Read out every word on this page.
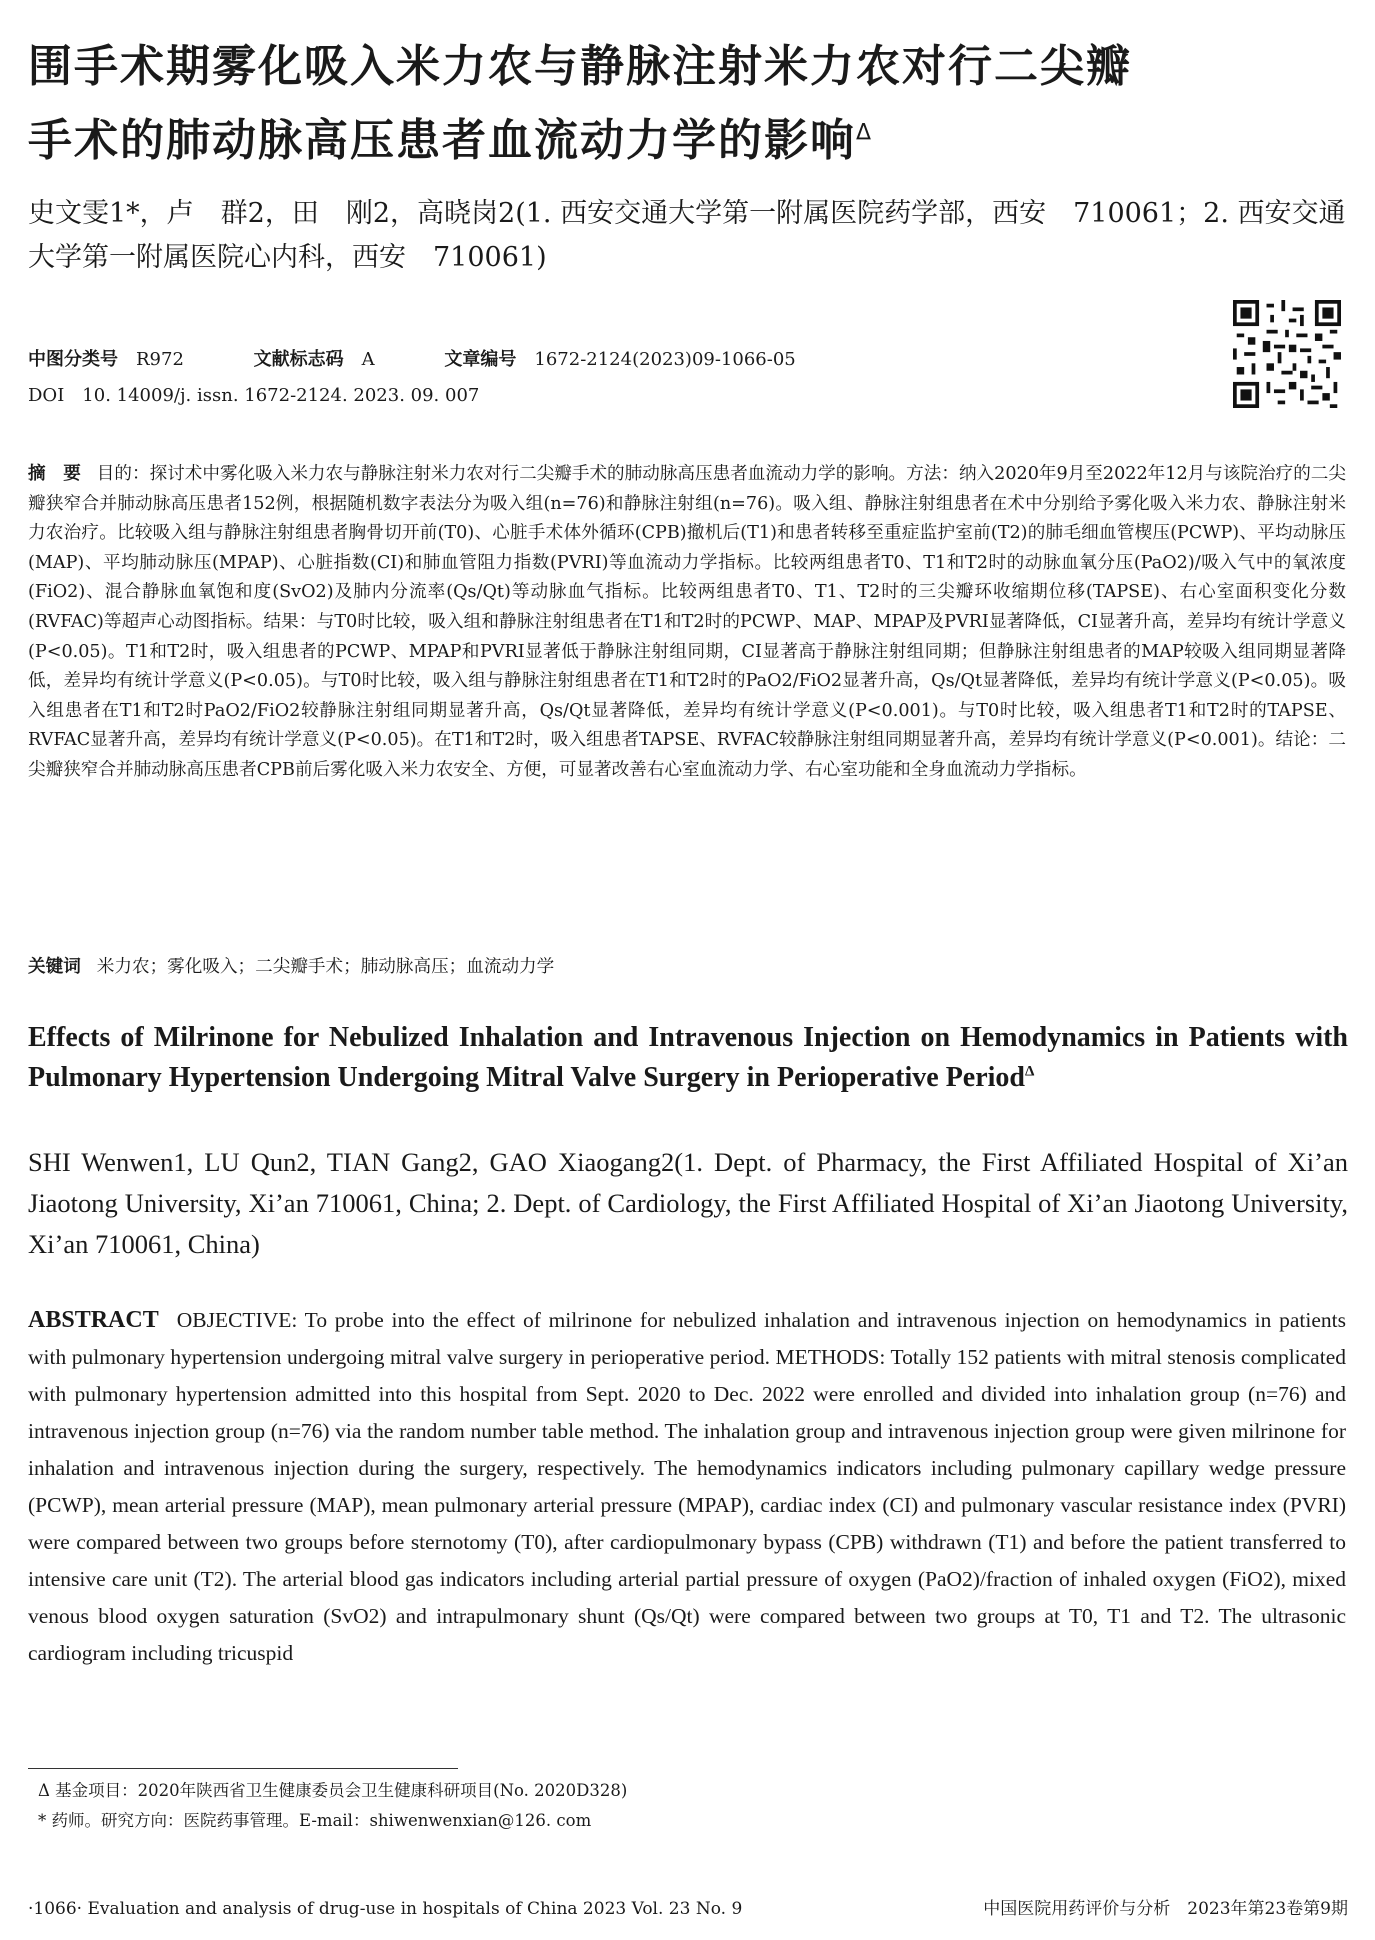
围手术期雾化吸入米力农与静脉注射米力农对行二尖瓣
手术的肺动脉高压患者血流动力学的影响$^\Delta$
史文雯1*，卢　群2，田　刚2，高晓岗2(1. 西安交通大学第一附属医院药学部，西安　710061；2. 西安交通大学第一附属医院心内科，西安　710061)
中图分类号 R972	文献标志码 A	文章编号 1672-2124(2023)09-1066-05
DOI　10. 14009/j. issn. 1672-2124. 2023. 09. 007
摘　要 目的：探讨术中雾化吸入米力农与静脉注射米力农对行二尖瓣手术的肺动脉高压患者血流动力学的影响。方法：纳入2020年9月至2022年12月与该院治疗的二尖瓣狭窄合并肺动脉高压患者152例，根据随机数字表法分为吸入组(n=76)和静脉注射组(n=76)。吸入组、静脉注射组患者在术中分别给予雾化吸入米力农、静脉注射米力农治疗。比较吸入组与静脉注射组患者胸骨切开前(T0)、心脏手术体外循环(CPB)撤机后(T1)和患者转移至重症监护室前(T2)的肺毛细血管楔压(PCWP)、平均动脉压(MAP)、平均肺动脉压(MPAP)、心脏指数(CI)和肺血管阻力指数(PVRI)等血流动力学指标。比较两组患者T0、T1和T2时的动脉血氧分压(PaO2)/吸入气中的氧浓度(FiO2)、混合静脉血氧饱和度(SvO2)及肺内分流率(Qs/Qt)等动脉血气指标。比较两组患者T0、T1、T2时的三尖瓣环收缩期位移(TAPSE)、右心室面积变化分数(RVFAC)等超声心动图指标。结果：与T0时比较，吸入组和静脉注射组患者在T1和T2时的PCWP、MAP、MPAP及PVRI显著降低，CI显著升高，差异均有统计学意义(P<0.05)。T1和T2时，吸入组患者的PCWP、MPAP和PVRI显著低于静脉注射组同期，CI显著高于静脉注射组同期；但静脉注射组患者的MAP较吸入组同期显著降低，差异均有统计学意义(P<0.05)。与T0时比较，吸入组与静脉注射组患者在T1和T2时的PaO2/FiO2显著升高，Qs/Qt显著降低，差异均有统计学意义(P<0.05)。吸入组患者在T1和T2时PaO2/FiO2较静脉注射组同期显著升高，Qs/Qt显著降低，差异均有统计学意义(P<0.001)。与T0时比较，吸入组患者T1和T2时的TAPSE、RVFAC显著升高，差异均有统计学意义(P<0.05)。在T1和T2时，吸入组患者TAPSE、RVFAC较静脉注射组同期显著升高，差异均有统计学意义(P<0.001)。结论：二尖瓣狭窄合并肺动脉高压患者CPB前后雾化吸入米力农安全、方便，可显著改善右心室血流动力学、右心室功能和全身血流动力学指标。
关键词 米力农；雾化吸入；二尖瓣手术；肺动脉高压；血流动力学
Effects of Milrinone for Nebulized Inhalation and Intravenous Injection on Hemodynamics in Patients with Pulmonary Hypertension Undergoing Mitral Valve Surgery in Perioperative Period$^\Delta$
SHI Wenwen1, LU Qun2, TIAN Gang2, GAO Xiaogang2(1. Dept. of Pharmacy, the First Affiliated Hospital of Xi’an Jiaotong University, Xi’an 710061, China; 2. Dept. of Cardiology, the First Affiliated Hospital of Xi’an Jiaotong University, Xi’an 710061, China)
ABSTRACT OBJECTIVE: To probe into the effect of milrinone for nebulized inhalation and intravenous injection on hemodynamics in patients with pulmonary hypertension undergoing mitral valve surgery in perioperative period. METHODS: Totally 152 patients with mitral stenosis complicated with pulmonary hypertension admitted into this hospital from Sept. 2020 to Dec. 2022 were enrolled and divided into inhalation group (n=76) and intravenous injection group (n=76) via the random number table method. The inhalation group and intravenous injection group were given milrinone for inhalation and intravenous injection during the surgery, respectively. The hemodynamics indicators including pulmonary capillary wedge pressure (PCWP), mean arterial pressure (MAP), mean pulmonary arterial pressure (MPAP), cardiac index (CI) and pulmonary vascular resistance index (PVRI) were compared between two groups before sternotomy (T0), after cardiopulmonary bypass (CPB) withdrawn (T1) and before the patient transferred to intensive care unit (T2). The arterial blood gas indicators including arterial partial pressure of oxygen (PaO2)/fraction of inhaled oxygen (FiO2), mixed venous blood oxygen saturation (SvO2) and intrapulmonary shunt (Qs/Qt) were compared between two groups at T0, T1 and T2. The ultrasonic cardiogram including tricuspid
Δ 基金项目：2020年陕西省卫生健康委员会卫生健康科研项目(No. 2020D328)
* 药师。研究方向：医院药事管理。E-mail：shiwenwenxian@126. com
·1066· Evaluation and analysis of drug-use in hospitals of China 2023 Vol. 23 No. 9	中国医院用药评价与分析　2023年第23卷第9期
